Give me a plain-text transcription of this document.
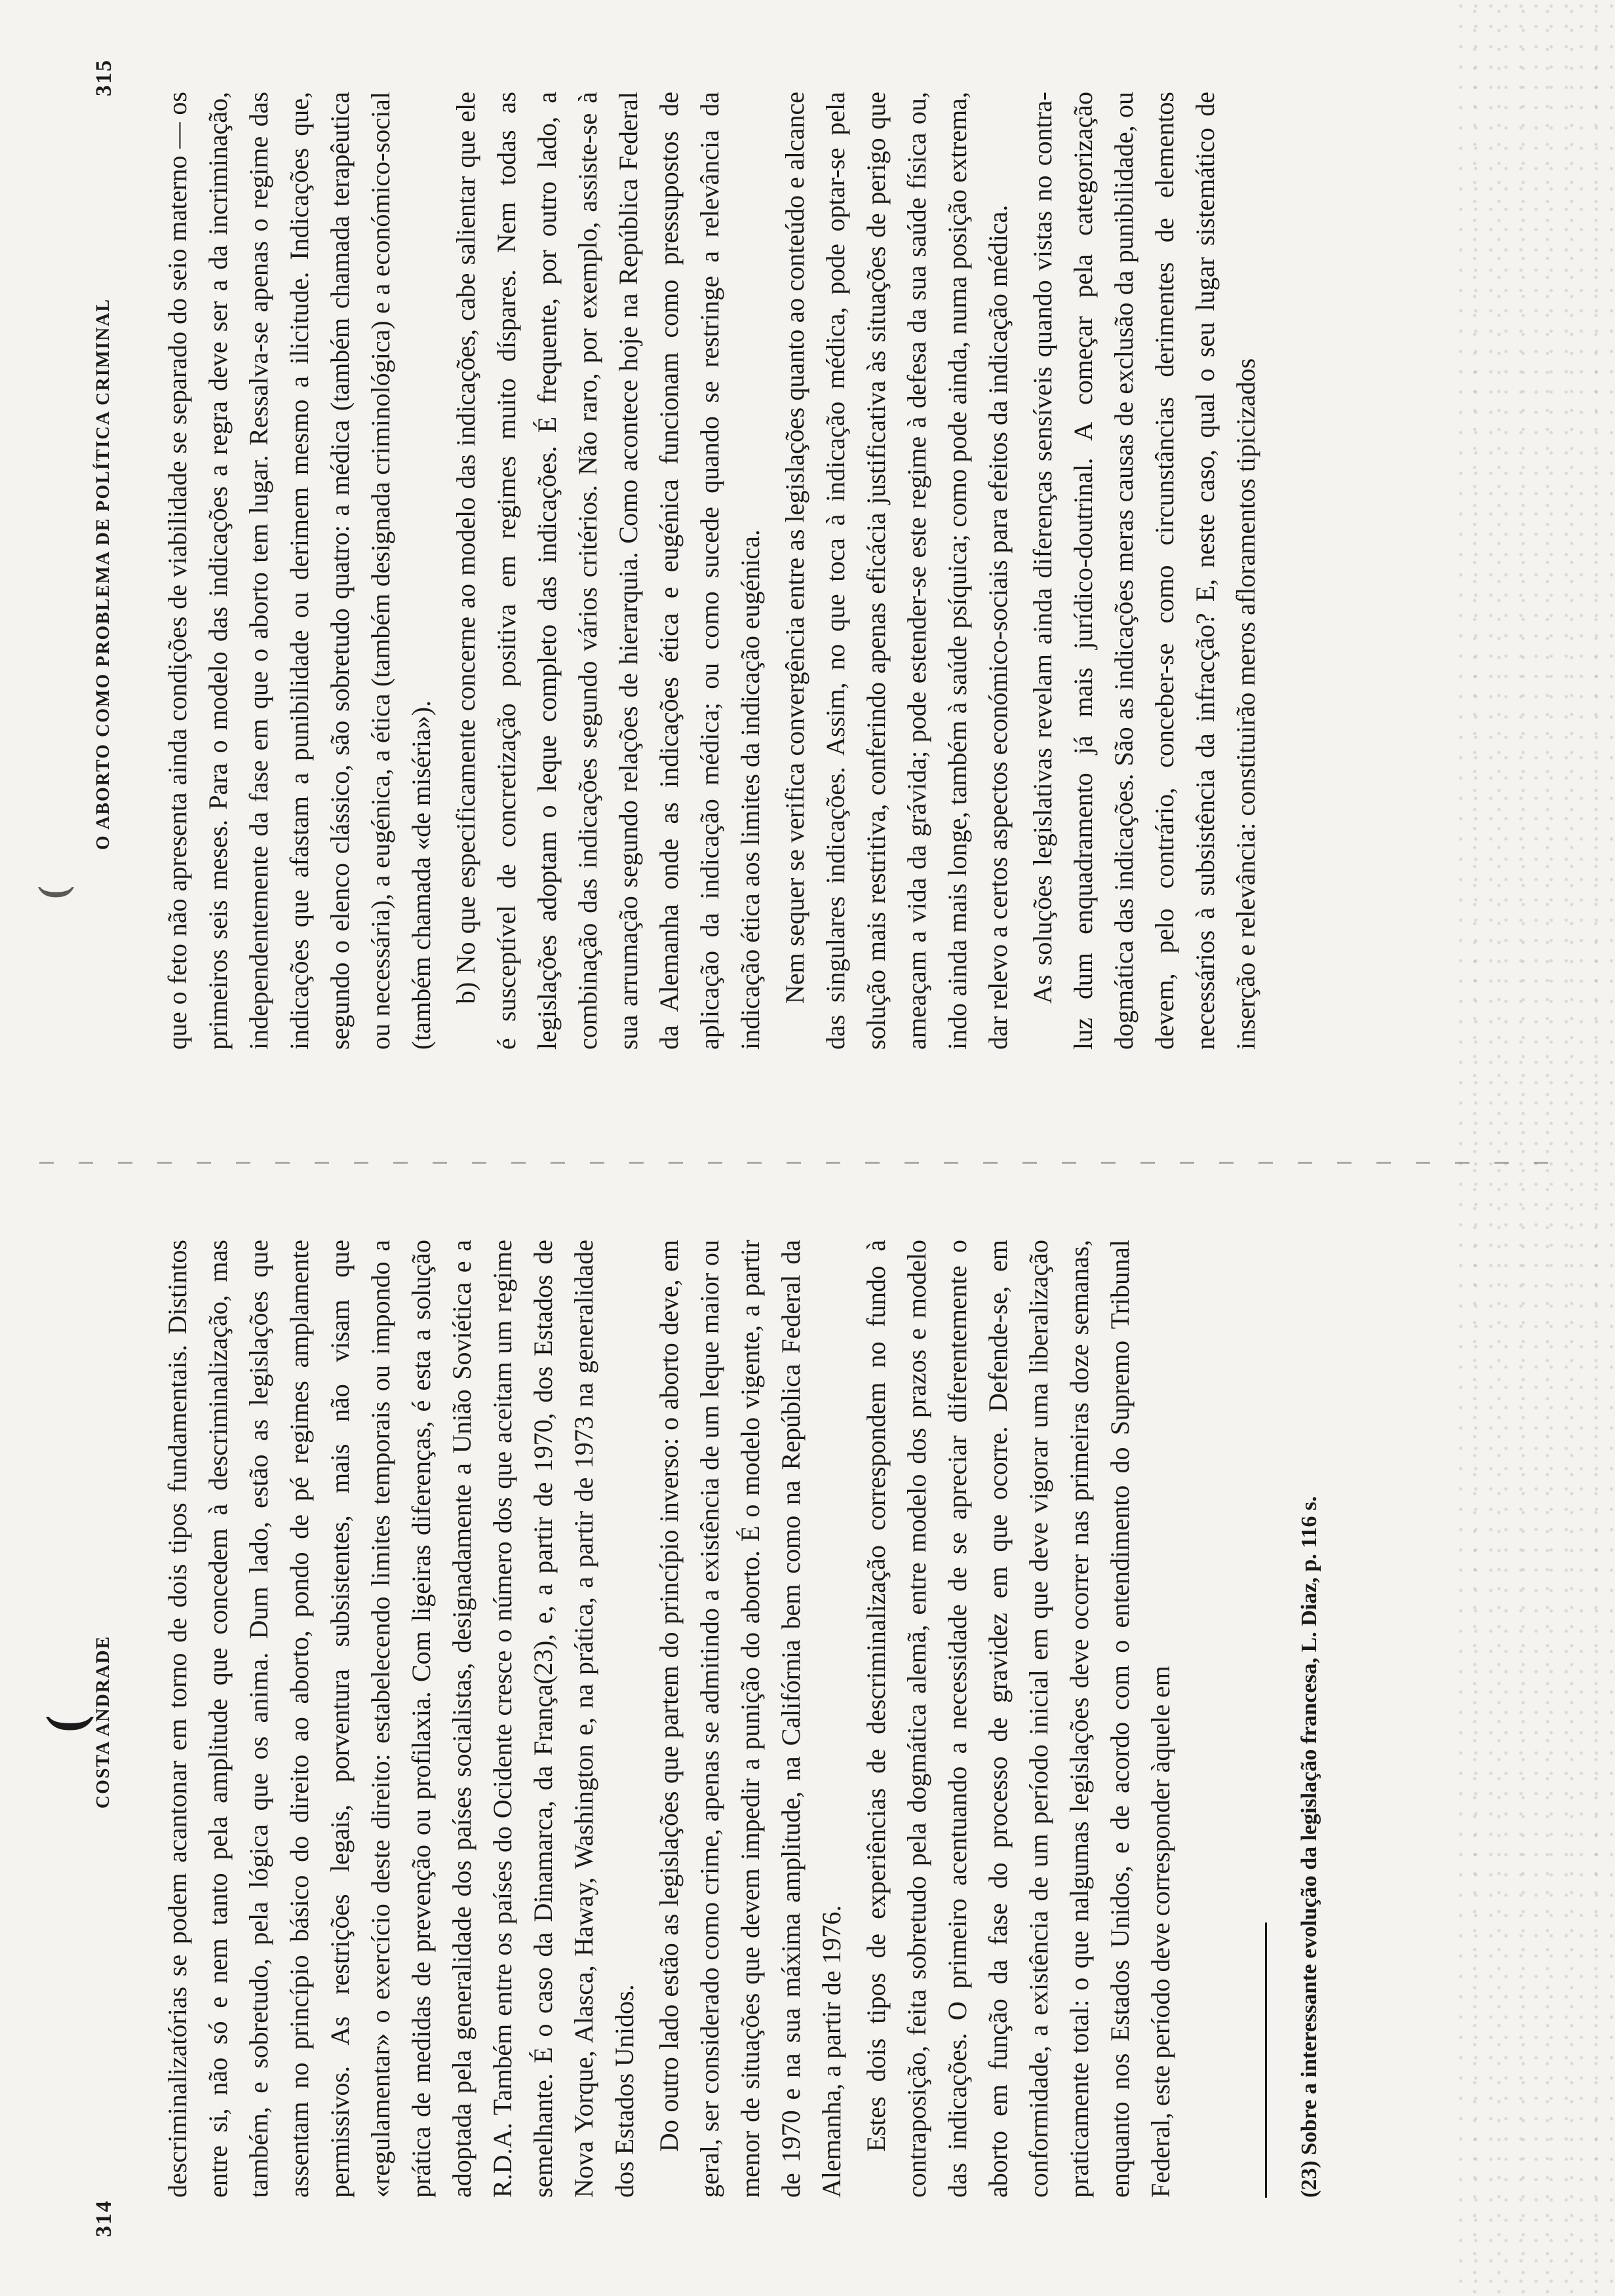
(
314
COSTA ANDRADE descriminalizatórias se podem acantonar em torno de dois tipos fundamentais. Distintos entre si, não só e nem tanto pela amplitude que concedem à descriminalização, mas também, e sobretudo, pela lógica que os anima. Dum lado, estão as legislações que assentam no princípio básico do direito ao aborto, pondo de pé regimes amplamente permissivos. As restrições legais, porventura subsistentes, mais não visam que «regulamentar» o exercício deste direito: estabelecendo limites temporais ou impondo a prática de medidas de prevenção ou profilaxia. Com ligeiras diferenças, é esta a solução adoptada pela generalidade dos países socialistas, designadamente a União Soviética e a R.D.A. Também entre os países do Ocidente cresce o número dos que aceitam um regime semelhante. É o caso da Dinamarca, da França(23), e, a partir de 1970, dos Estados de Nova Yorque, Alasca, Haway, Washington e, na prática, a partir de 1973 na generalidade dos Estados Unidos. Do outro lado estão as legislações que partem do princípio inverso: o aborto deve, em geral, ser considerado como crime, apenas se admitindo a existência de um leque maior ou menor de situações que devem impedir a punição do aborto. É o modelo vigente, a partir de 1970 e na sua máxima amplitude, na Califórnia bem como na República Federal da Alemanha, a partir de 1976. Estes dois tipos de experiências de descriminalização correspondem no fundo à contraposição, feita sobretudo pela dogmática alemã, entre modelo dos prazos e modelo das indicações. O primeiro acentuando a necessidade de se apreciar diferentemente o aborto em função da fase do processo de gravidez em que ocorre. Defende-se, em conformidade, a existência de um período inicial em que deve vigorar uma liberalização praticamente total: o que nalgumas legislações deve ocorrer nas primeiras doze semanas, enquanto nos Estados Unidos, e de acordo com o entendimento do Supremo Tribunal Federal, este período deve corresponder àquele em	(23) Sobre a interessante evolução da legislação francesa, L. Diaz, p. 116 s.
(
O ABORTO COMO PROBLEMA DE POLÍTICA CRIMINAL
315

que o feto não apresenta ainda condições de viabilidade se separado do seio materno — os primeiros seis meses. Para o modelo das indicações a regra deve ser a da incriminação, independentemente da fase em que o aborto tem lugar. Ressalva-se apenas o regime das indicações que afastam a punibilidade ou derimem mesmo a ilicitude. Indicações que, segundo o elenco clássico, são sobretudo quatro: a médica (também chamada terapêutica ou necessária), a eugénica, a ética (também designada criminológica) e a económico-social (também chamada «de miséria»). b) No que especificamente concerne ao modelo das indicações, cabe salientar que ele é susceptível de concretização positiva em regimes muito díspares. Nem todas as legislações adoptam o leque completo das indicações. É frequente, por outro lado, a combinação das indicações segundo vários critérios. Não raro, por exemplo, assiste-se à sua arrumação segundo relações de hierarquia. Como acontece hoje na República Federal da Alemanha onde as indicações ética e eugénica funcionam como pressupostos de aplicação da indicação médica; ou como sucede quando se restringe a relevância da indicação ética aos limites da indicação eugénica. Nem sequer se verifica convergência entre as legislações quanto ao conteúdo e alcance das singulares indicações. Assim, no que toca à indicação médica, pode optar-se pela solução mais restritiva, conferindo apenas eficácia justificativa às situações de perigo que ameaçam a vida da grávida; pode estender-se este regime à defesa da sua saúde física ou, indo ainda mais longe, também à saúde psíquica; como pode ainda, numa posição extrema, dar relevo a certos aspectos económico-sociais para efeitos da indicação médica. As soluções legislativas revelam ainda diferenças sensíveis quando vistas no contra-luz dum enquadramento já mais jurídico-doutrinal. A começar pela categorização dogmática das indicações. São as indicações meras causas de exclusão da punibilidade, ou devem, pelo contrário, conceber-se como circunstâncias derimentes de elementos necessários à subsistência da infracção? E, neste caso, qual o seu lugar sistemático de inserção e relevância: constituirão meros afloramentos tipicizados
